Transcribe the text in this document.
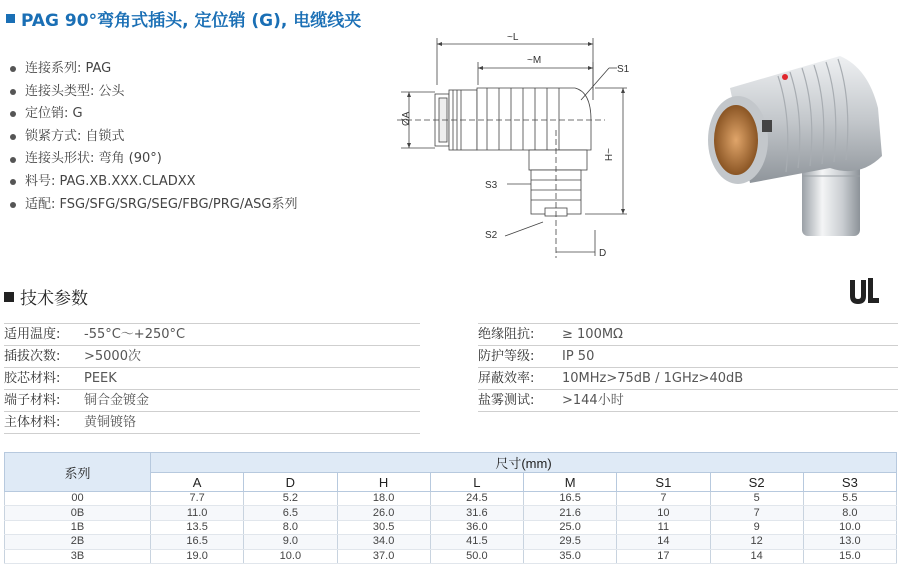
PAG 90°弯角式插头, 定位销 (G), 电缆线夹
连接系列: PAG
连接头类型: 公头
定位销: G
锁紧方式: 自锁式
连接头形状: 弯角 (90°)
料号: PAG.XB.XXX.CLADXX
适配: FSG/SFG/SRG/SEG/FBG/PRG/ASG系列
~L
~M
ØA
~H
D
S1
S2
S3
技术参数
适用温度:	-55°C～+250°C
插拔次数:	>5000次
胶芯材料:	PEEK
端子材料:	铜合金镀金
主体材料:	黄铜镀铬
绝缘阻抗:	≥ 100MΩ
防护等级:	IP 50
屏蔽效率:	10MHz>75dB / 1GHz>40dB
盐雾测试:	>144小时
系列	尺寸(mm)							
	A	D	H	L	M	S1	S2	S3
00	7.7	5.2	18.0	24.5	16.5	7	5	5.5
0B	11.0	6.5	26.0	31.6	21.6	10	7	8.0
1B	13.5	8.0	30.5	36.0	25.0	11	9	10.0
2B	16.5	9.0	34.0	41.5	29.5	14	12	13.0
3B	19.0	10.0	37.0	50.0	35.0	17	14	15.0
